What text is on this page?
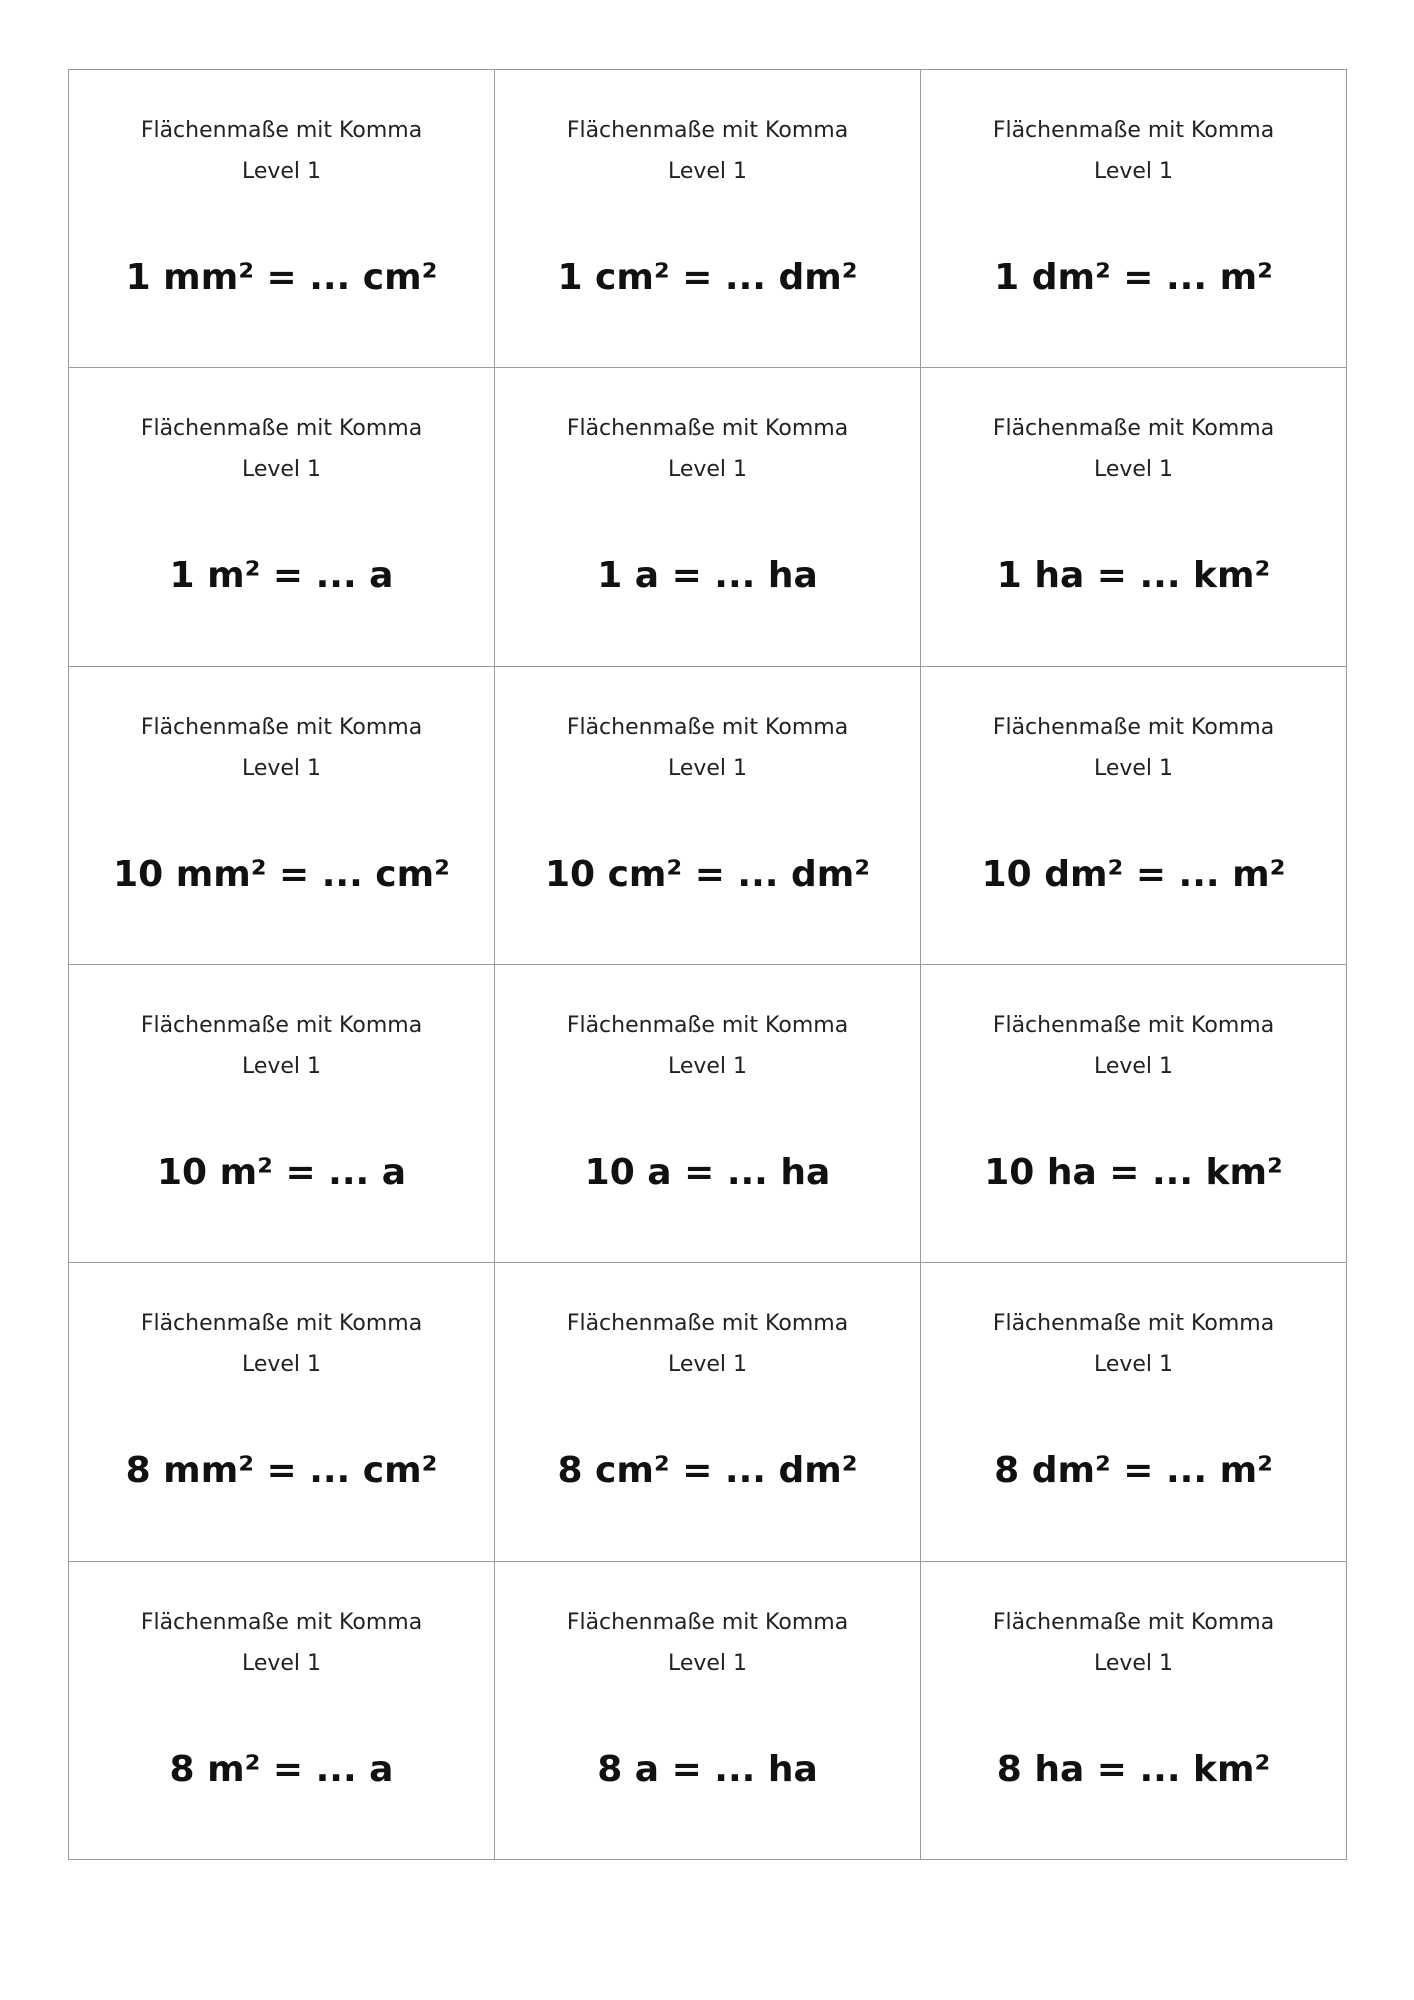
Flächenmaße mit Komma
Level 1
1 mm² = ... cm²
Flächenmaße mit Komma
Level 1
1 cm² = ... dm²
Flächenmaße mit Komma
Level 1
1 dm² = ... m²
Flächenmaße mit Komma
Level 1
1 m² = ... a
Flächenmaße mit Komma
Level 1
1 a = ... ha
Flächenmaße mit Komma
Level 1
1 ha = ... km²
Flächenmaße mit Komma
Level 1
10 mm² = ... cm²
Flächenmaße mit Komma
Level 1
10 cm² = ... dm²
Flächenmaße mit Komma
Level 1
10 dm² = ... m²
Flächenmaße mit Komma
Level 1
10 m² = ... a
Flächenmaße mit Komma
Level 1
10 a = ... ha
Flächenmaße mit Komma
Level 1
10 ha = ... km²
Flächenmaße mit Komma
Level 1
8 mm² = ... cm²
Flächenmaße mit Komma
Level 1
8 cm² = ... dm²
Flächenmaße mit Komma
Level 1
8 dm² = ... m²
Flächenmaße mit Komma
Level 1
8 m² = ... a
Flächenmaße mit Komma
Level 1
8 a = ... ha
Flächenmaße mit Komma
Level 1
8 ha = ... km²
